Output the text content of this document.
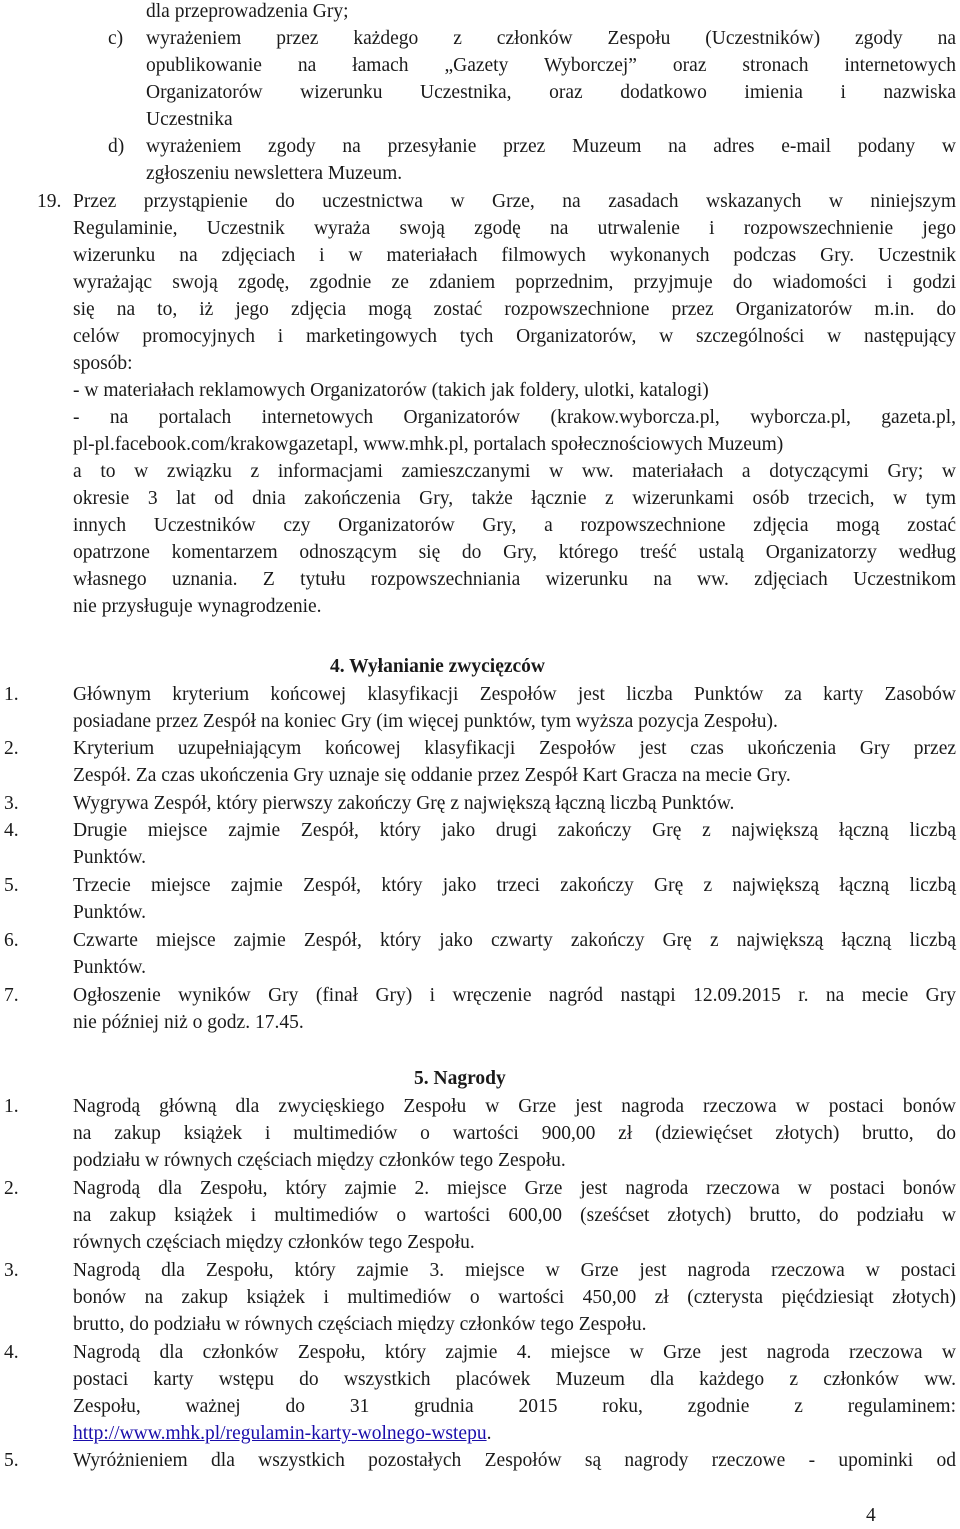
dla przeprowadzenia Gry;
c) wyrażeniem przez każdego z członków Zespołu (Uczestników) zgody na
opublikowanie na łamach „Gazety Wyborczej” oraz stronach internetowych
Organizatorów wizerunku Uczestnika, oraz dodatkowo imienia i nazwiska
Uczestnika
d) wyrażeniem zgody na przesyłanie przez Muzeum na adres e-mail podany w
zgłoszeniu newslettera Muzeum.
19. Przez przystąpienie do uczestnictwa w Grze, na zasadach wskazanych w niniejszym
Regulaminie, Uczestnik wyraża swoją zgodę na utrwalenie i rozpowszechnienie jego
wizerunku na zdjęciach i w materiałach filmowych wykonanych podczas Gry. Uczestnik
wyrażając swoją zgodę, zgodnie ze zdaniem poprzednim, przyjmuje do wiadomości i godzi
się na to, iż jego zdjęcia mogą zostać rozpowszechnione przez Organizatorów m.in. do
celów promocyjnych i marketingowych tych Organizatorów, w szczególności w następujący
sposób:
- w materiałach reklamowych Organizatorów (takich jak foldery, ulotki, katalogi)
- na portalach internetowych Organizatorów (krakow.wyborcza.pl, wyborcza.pl, gazeta.pl,
pl-pl.facebook.com/krakowgazetapl, www.mhk.pl, portalach społecznościowych Muzeum)
a to w związku z informacjami zamieszczanymi w ww. materiałach a dotyczącymi Gry; w
okresie 3 lat od dnia zakończenia Gry, także łącznie z wizerunkami osób trzecich, w tym
innych Uczestników czy Organizatorów Gry, a rozpowszechnione zdjęcia mogą zostać
opatrzone komentarzem odnoszącym się do Gry, którego treść ustalą Organizatorzy według
własnego uznania. Z tytułu rozpowszechniania wizerunku na ww. zdjęciach Uczestnikom
nie przysługuje wynagrodzenie.
4. Wyłanianie zwycięzców
1.	Głównym kryterium końcowej klasyfikacji Zespołów jest liczba Punktów za karty Zasobów
posiadane przez Zespół na koniec Gry (im więcej punktów, tym wyższa pozycja Zespołu).
2.	Kryterium uzupełniającym końcowej klasyfikacji Zespołów jest czas ukończenia Gry przez
Zespół. Za czas ukończenia Gry uznaje się oddanie przez Zespół Kart Gracza na mecie Gry.
3.	Wygrywa Zespół, który pierwszy zakończy Grę z największą łączną liczbą Punktów.
4.	Drugie miejsce zajmie Zespół, który jako drugi zakończy Grę z największą łączną liczbą
Punktów.
5.	Trzecie miejsce zajmie Zespół, który jako trzeci zakończy Grę z największą łączną liczbą
Punktów.
6.	Czwarte miejsce zajmie Zespół, który jako czwarty zakończy Grę z największą łączną liczbą
Punktów.
7.	Ogłoszenie wyników Gry (finał Gry) i wręczenie nagród nastąpi 12.09.2015 r. na mecie Gry
nie później niż o godz. 17.45.
5. Nagrody
1.	Nagrodą główną dla zwycięskiego Zespołu w Grze jest nagroda rzeczowa w postaci bonów
na zakup książek i multimediów o wartości 900,00 zł (dziewięćset złotych) brutto, do
podziału w równych częściach między członków tego Zespołu.
2.	Nagrodą dla Zespołu, który zajmie 2. miejsce Grze jest nagroda rzeczowa w postaci bonów
na zakup książek i multimediów o wartości 600,00 (sześćset złotych) brutto, do podziału w
równych częściach między członków tego Zespołu.
3.	Nagrodą dla Zespołu, który zajmie 3. miejsce w Grze jest nagroda rzeczowa w postaci
bonów na zakup książek i multimediów o wartości 450,00 zł (czterysta pięćdziesiąt złotych)
brutto, do podziału w równych częściach między członków tego Zespołu.
4.	Nagrodą dla członków Zespołu, który zajmie 4. miejsce w Grze jest nagroda rzeczowa w
postaci karty wstępu do wszystkich placówek Muzeum dla każdego z członków ww.
Zespołu, ważnej do 31 grudnia 2015 roku, zgodnie z regulaminem:
http://www.mhk.pl/regulamin-karty-wolnego-wstepu.
5.	Wyróżnieniem dla wszystkich pozostałych Zespołów są nagrody rzeczowe - upominki od
4
